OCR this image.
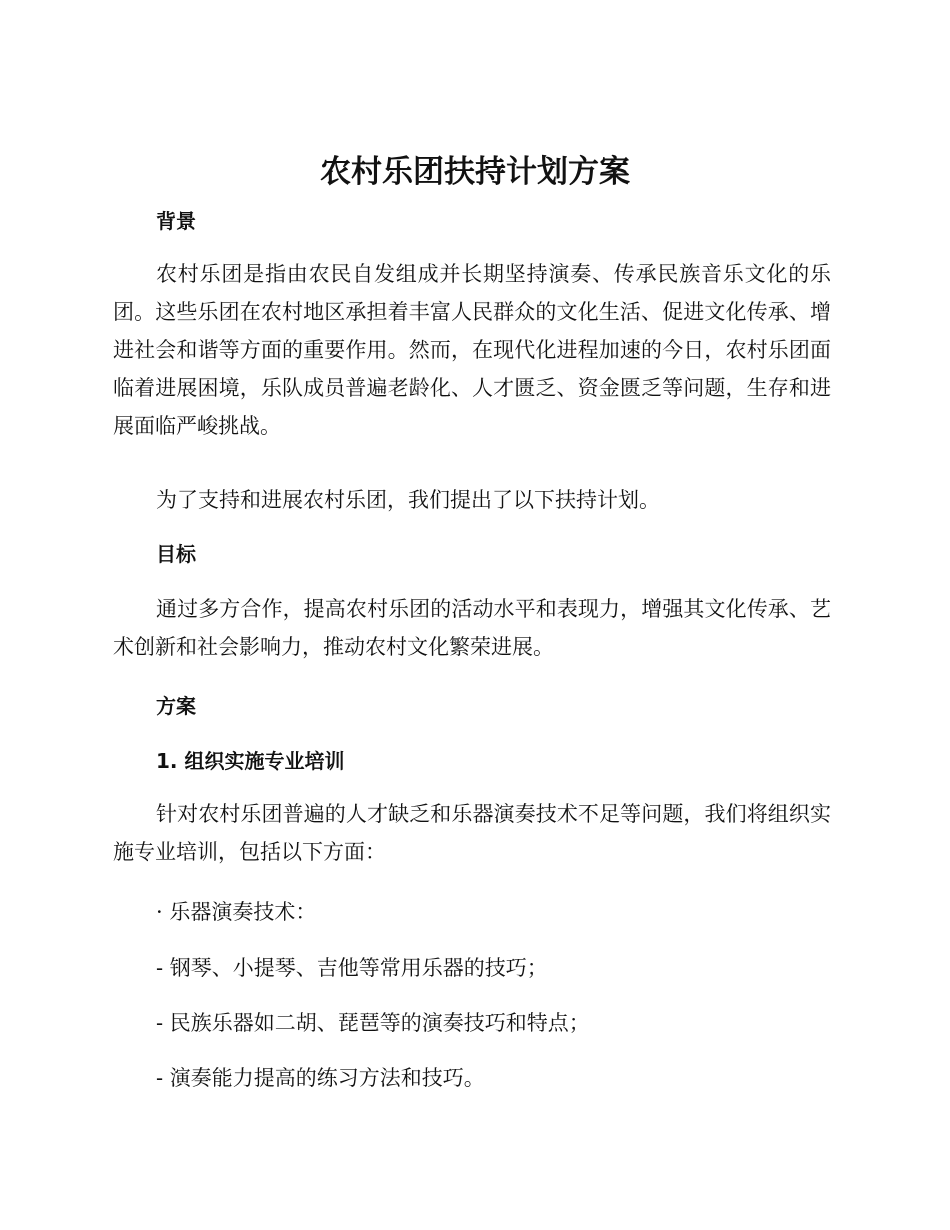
农村乐团扶持计划方案

背景

农村乐团是指由农民自发组成并长期坚持演奏、传承民族音乐文化的乐团。这些乐团在农村地区承担着丰富人民群众的文化生活、促进文化传承、增进社会和谐等方面的重要作用。然而，在现代化进程加速的今日，农村乐团面临着进展困境，乐队成员普遍老龄化、人才匮乏、资金匮乏等问题，生存和进展面临严峻挑战。

为了支持和进展农村乐团，我们提出了以下扶持计划。

目标

通过多方合作，提高农村乐团的活动水平和表现力，增强其文化传承、艺术创新和社会影响力，推动农村文化繁荣进展。

方案

1. 组织实施专业培训

针对农村乐团普遍的人才缺乏和乐器演奏技术不足等问题，我们将组织实施专业培训，包括以下方面：

· 乐器演奏技术：

- 钢琴、小提琴、吉他等常用乐器的技巧；

- 民族乐器如二胡、琵琶等的演奏技巧和特点；

- 演奏能力提高的练习方法和技巧。
